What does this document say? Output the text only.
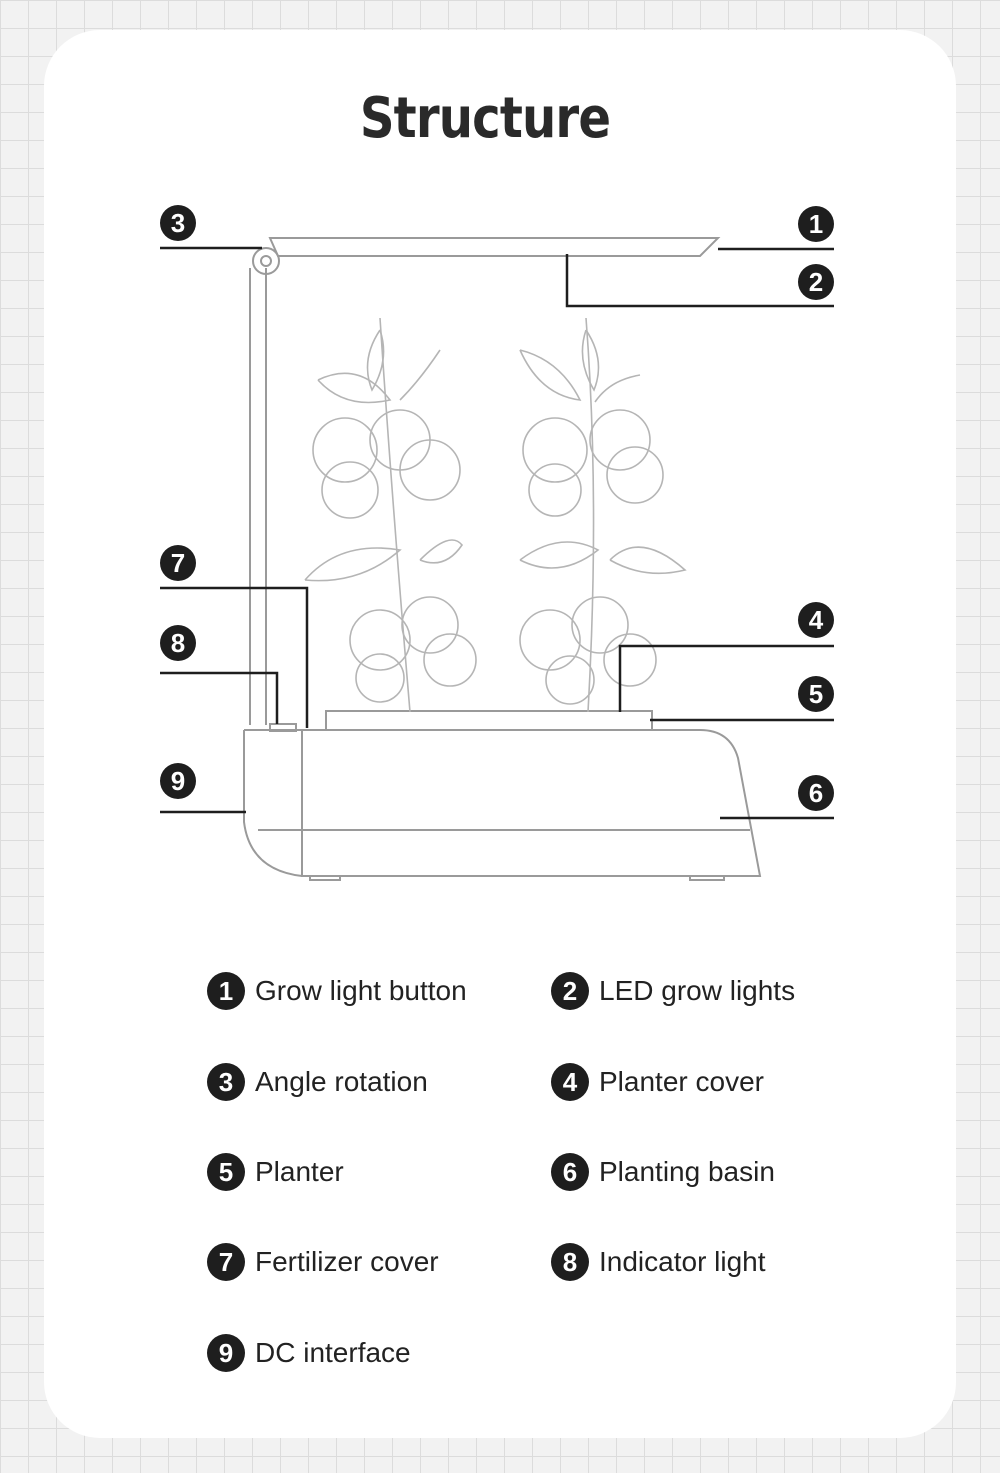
Structure
1
2
3
4
5
6
7
8
9
1 Grow light button	2 LED grow lights
3 Angle rotation	4 Planter cover
5 Planter	6 Planting basin
7 Fertilizer cover	8 Indicator light
9 DC interface
